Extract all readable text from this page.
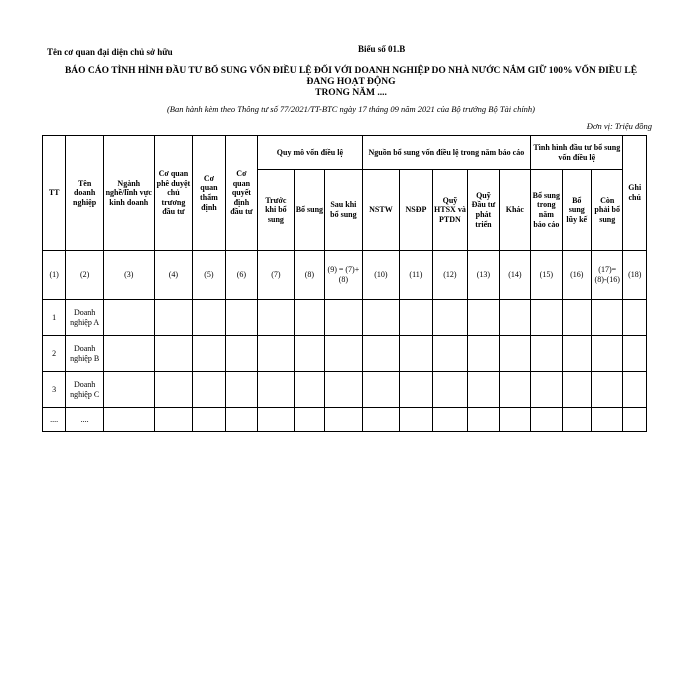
Tên cơ quan đại diện chủ sở hữu	Biểu số 01.B
BÁO CÁO TÌNH HÌNH ĐẦU TƯ BỔ SUNG VỐN ĐIỀU LỆ ĐỐI VỚI DOANH NGHIỆP DO NHÀ NƯỚC NẮM GIỮ 100% VỐN ĐIỀU LỆ
ĐANG HOẠT ĐỘNG
TRONG NĂM ....
(Ban hành kèm theo Thông tư số 77/2021/TT-BTC ngày 17 tháng 09 năm 2021 của Bộ trưởng Bộ Tài chính)
Đơn vị: Triệu đồng
TT	Tên doanh nghiệp	Ngành nghề/lĩnh vực kinh doanh	Cơ quan phê duyệt chủ trương đầu tư	Cơ quan thẩm định	Cơ quan quyết định đầu tư	Quy mô vốn điều lệ			Nguồn bổ sung vốn điều lệ trong năm báo cáo					Tình hình đầu tư bổ sung vốn điều lệ			Ghi chú
						Trước khi bổ sung	Bổ sung	Sau khi bổ sung	NSTW	NSĐP	Quỹ HTSX và PTDN	Quỹ Đầu tư phát triển	Khác	Bổ sung trong năm báo cáo	Bổ sung lũy kế	Còn phải bổ sung	
(1)	(2)	(3)	(4)	(5)	(6)	(7)	(8)	(9) = (7)+(8)	(10)	(11)	(12)	(13)	(14)	(15)	(16)	(17)= (8)-(16)	(18)
1	Doanh nghiệp A																
2	Doanh nghiệp B																
3	Doanh nghiệp C																
....	....																
